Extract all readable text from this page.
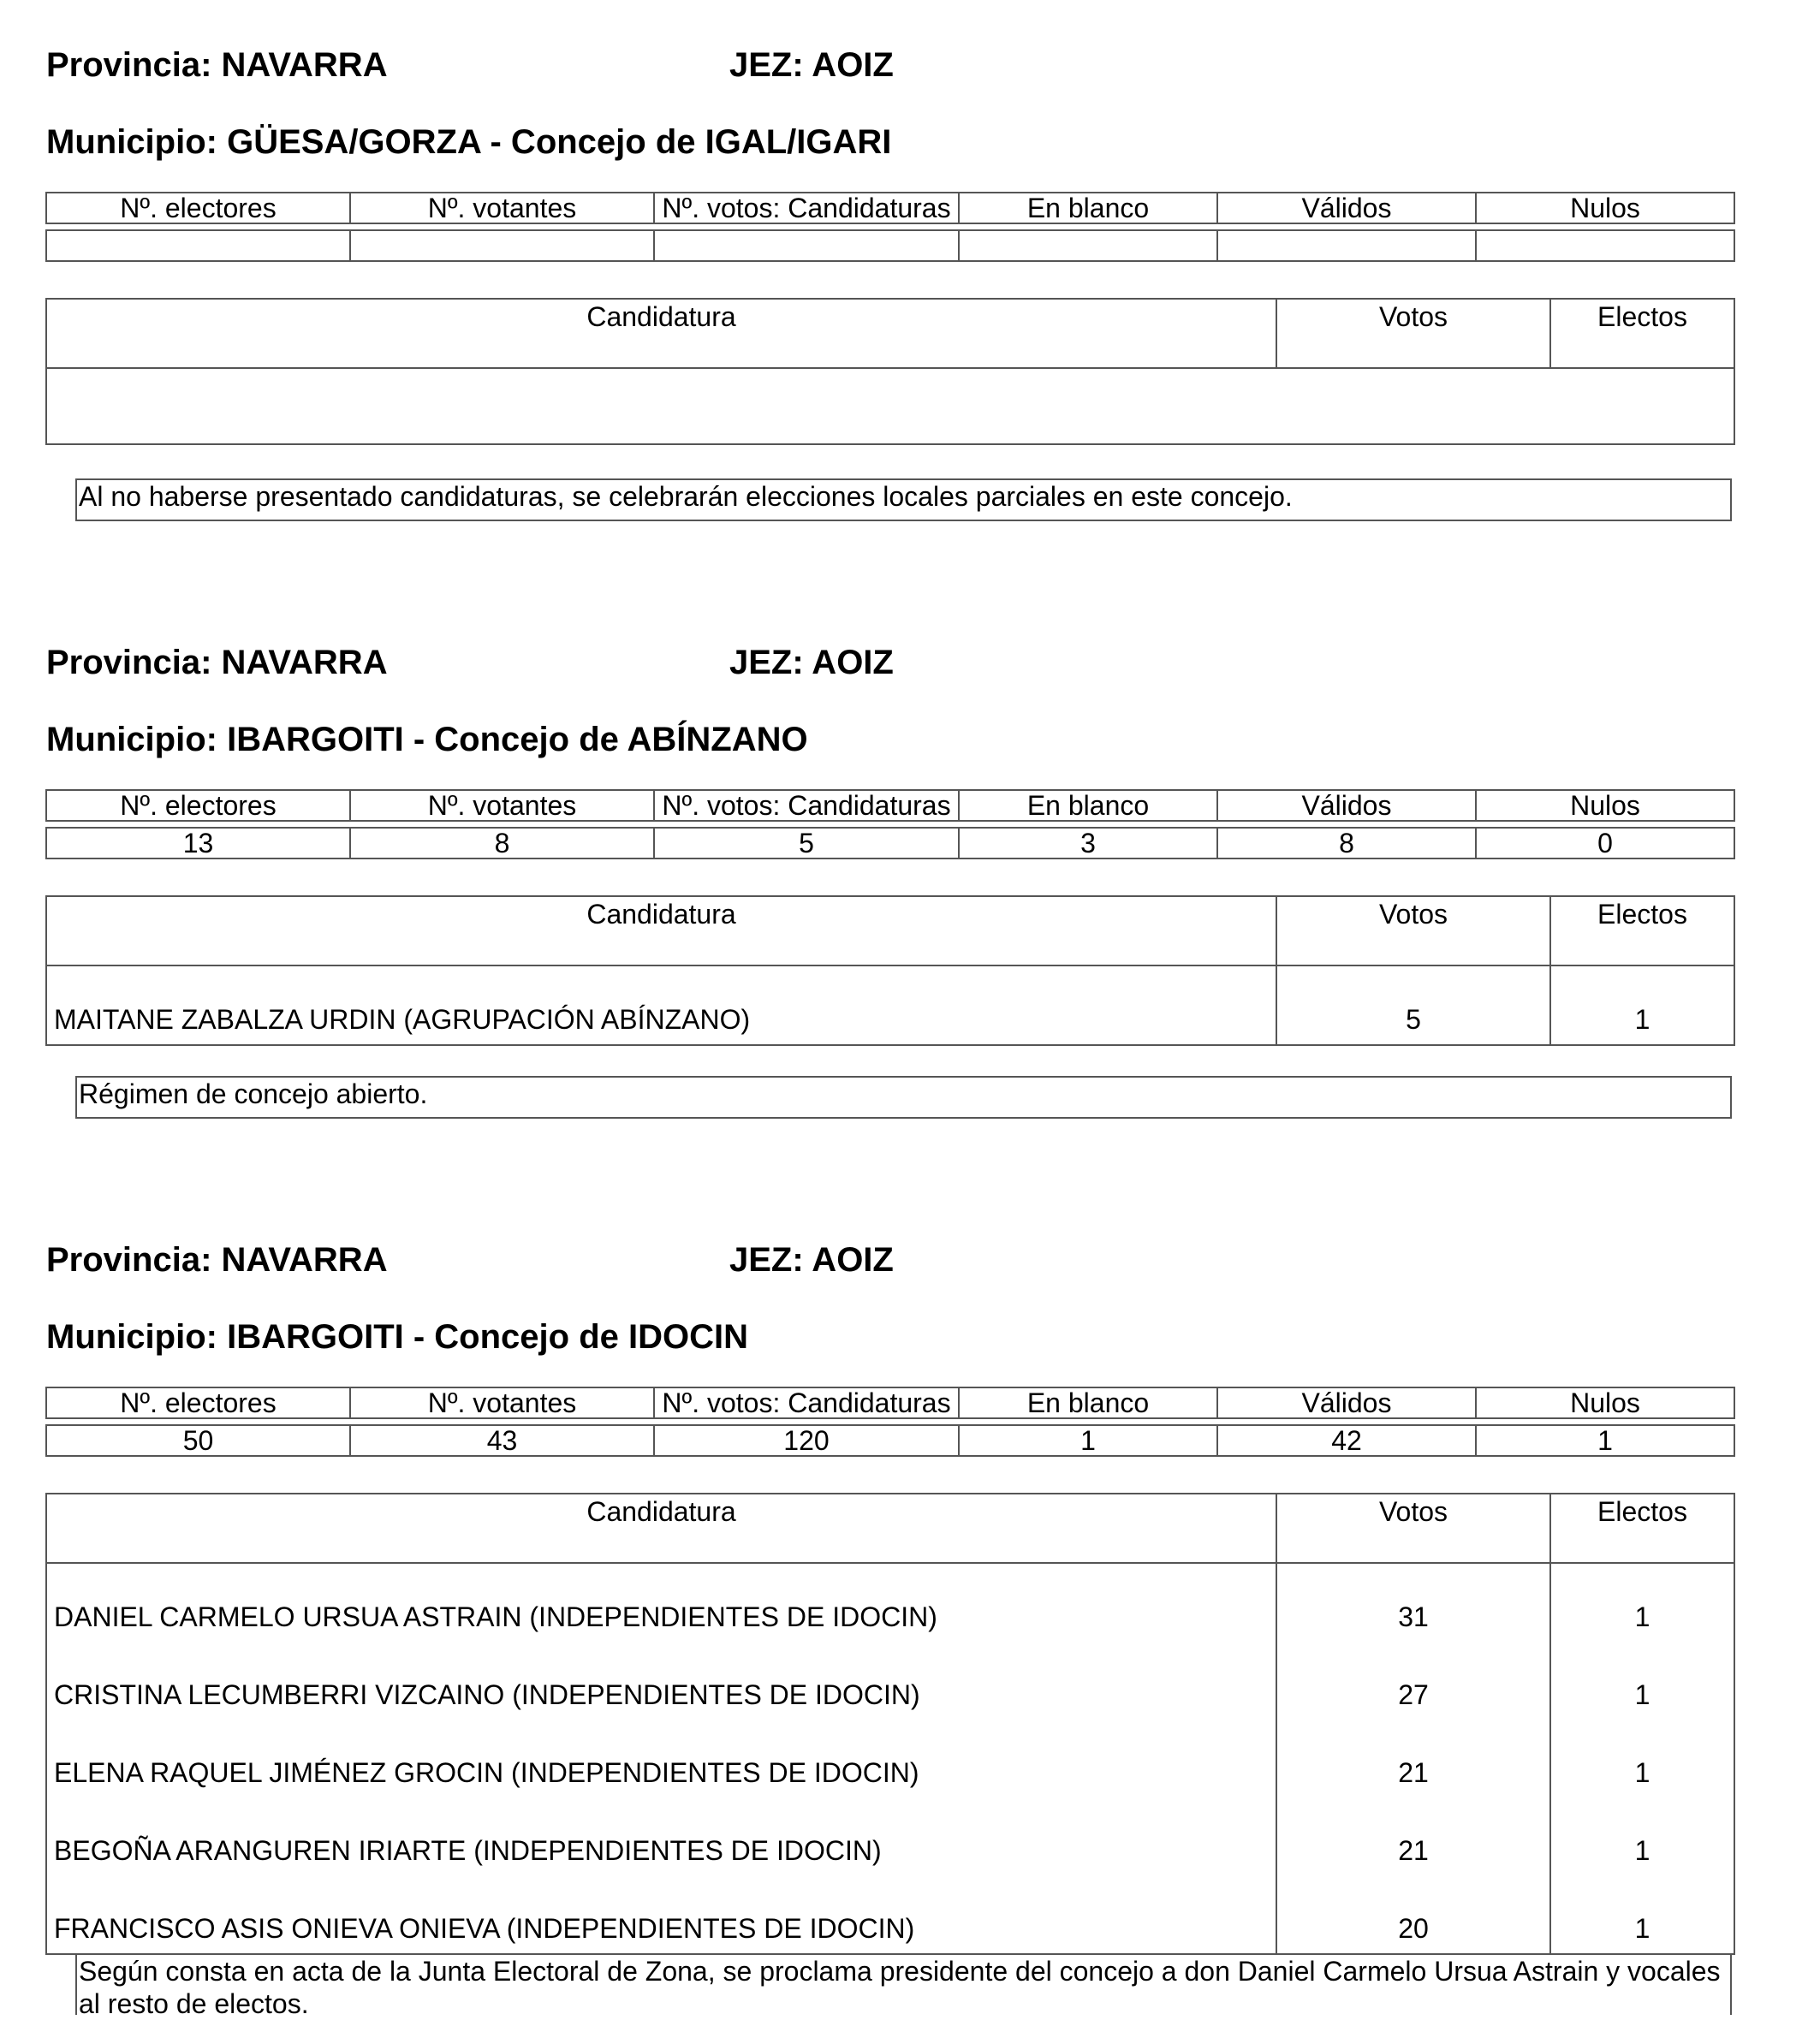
Provincia: NAVARRA	JEZ: AOIZ
Municipio: GÜESA/GORZA - Concejo de IGAL/IGARI
Nº. electores	Nº. votantes	Nº. votos: Candidaturas	En blanco	Válidos	Nulos

Candidatura	Votos	Electos

Al no haberse presentado candidaturas, se celebrarán elecciones locales parciales en este concejo.
Provincia: NAVARRA	JEZ: AOIZ
Municipio: IBARGOITI - Concejo de ABÍNZANO
Nº. electores	Nº. votantes	Nº. votos: Candidaturas	En blanco	Válidos	Nulos

13	8	5	3	8	0
Candidatura	Votos	Electos
MAITANE ZABALZA URDIN (AGRUPACIÓN ABÍNZANO)	5	1
Régimen de concejo abierto.
Provincia: NAVARRA	JEZ: AOIZ
Municipio: IBARGOITI - Concejo de IDOCIN
Nº. electores	Nº. votantes	Nº. votos: Candidaturas	En blanco	Válidos	Nulos

50	43	120	1	42	1
Candidatura	Votos	Electos
DANIEL CARMELO URSUA ASTRAIN (INDEPENDIENTES DE IDOCIN)	31	1
CRISTINA LECUMBERRI VIZCAINO (INDEPENDIENTES DE IDOCIN)	27	1
ELENA RAQUEL JIMÉNEZ GROCIN (INDEPENDIENTES DE IDOCIN)	21	1
BEGOÑA ARANGUREN IRIARTE (INDEPENDIENTES DE IDOCIN)	21	1
FRANCISCO ASIS ONIEVA ONIEVA (INDEPENDIENTES DE IDOCIN)	20	1
Según consta en acta de la Junta Electoral de Zona, se proclama presidente del concejo a don Daniel Carmelo Ursua Astrain y vocales al resto de electos.
